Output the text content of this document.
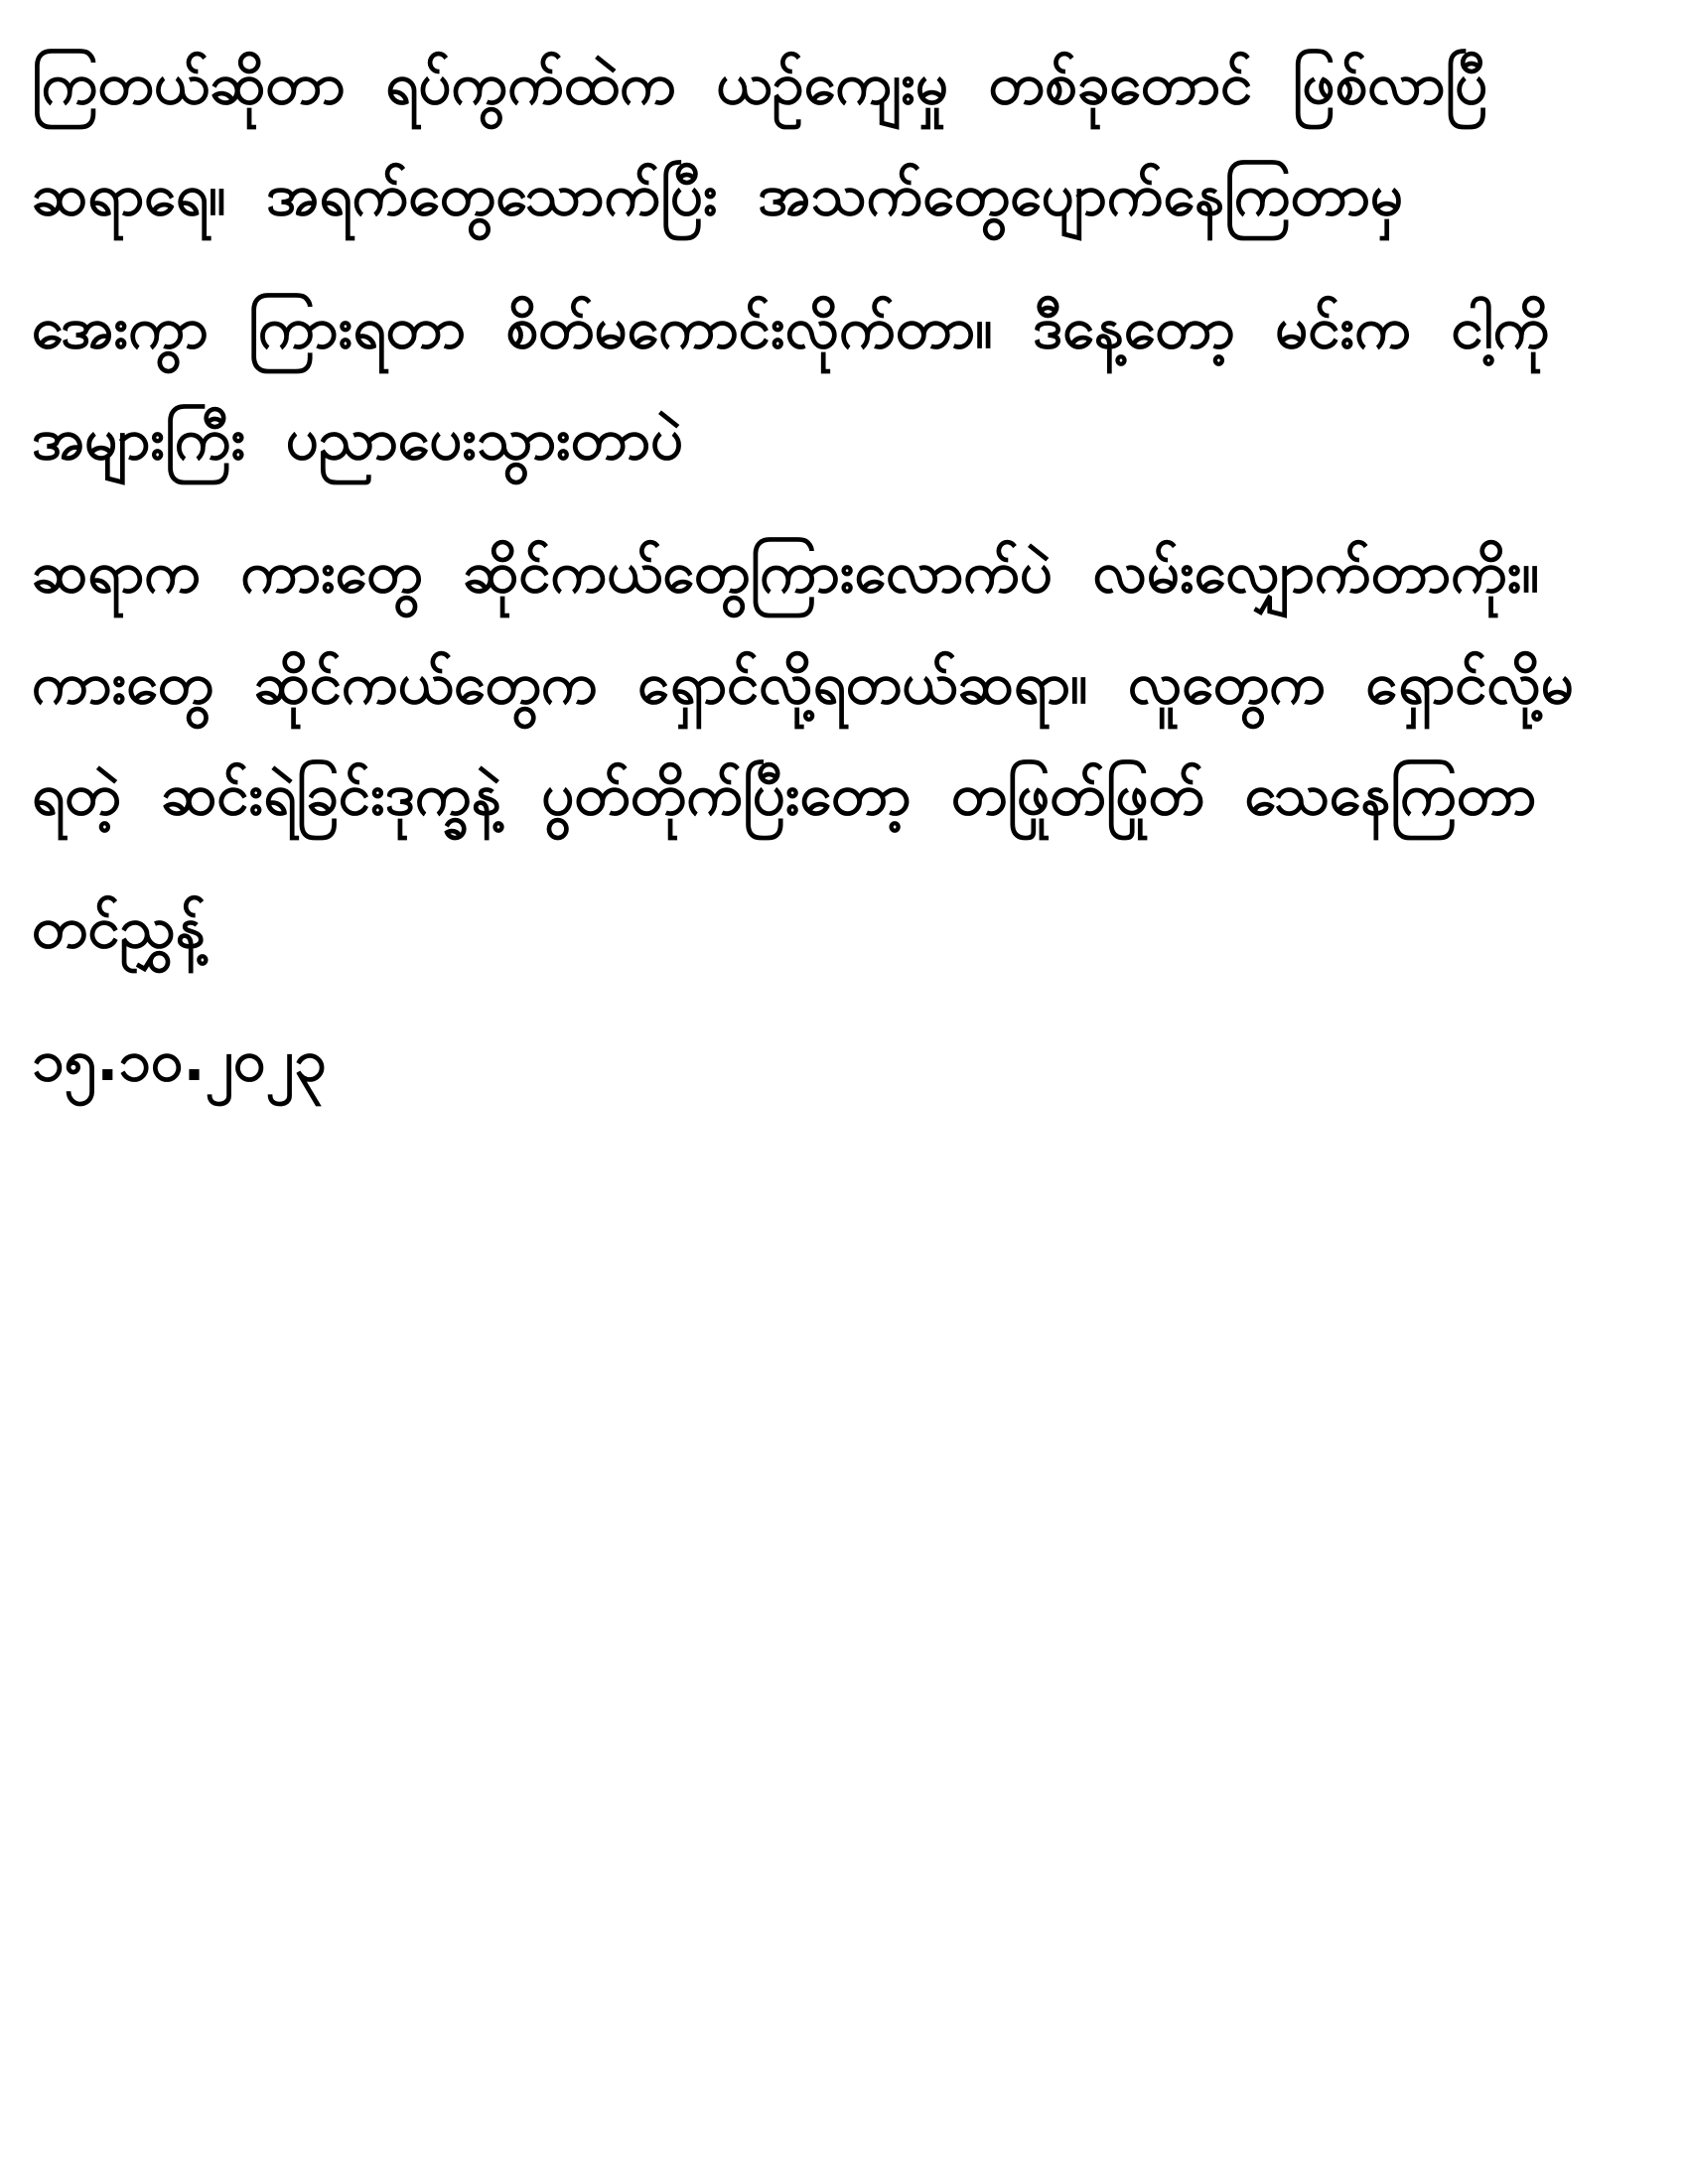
ကြတယ်ဆိုတာ ရပ်ကွက်ထဲက ယဉ်ကျေးမှု တစ်ခုတောင် ဖြစ်လာပြီ
ဆရာရေ။ အရက်တွေသောက်ပြီး အသက်တွေပျောက်နေကြတာမှ
အေးကွာ ကြားရတာ စိတ်မကောင်းလိုက်တာ။ ဒီနေ့တော့ မင်းက ငါ့ကို
အများကြီး ပညာပေးသွားတာပဲ
ဆရာက ကားတွေ ဆိုင်ကယ်တွေကြားလောက်ပဲ လမ်းလျှောက်တာကိုး။
ကားတွေ ဆိုင်ကယ်တွေက ရှောင်လို့ရတယ်ဆရာ။ လူတွေက ရှောင်လို့မ
ရတဲ့ ဆင်းရဲခြင်းဒုက္ခနဲ့ ပွတ်တိုက်ပြီးတော့ တဖြုတ်ဖြုတ် သေနေကြတာ
တင်ညွှန့်
၁၅.၁၀.၂၀၂၃
